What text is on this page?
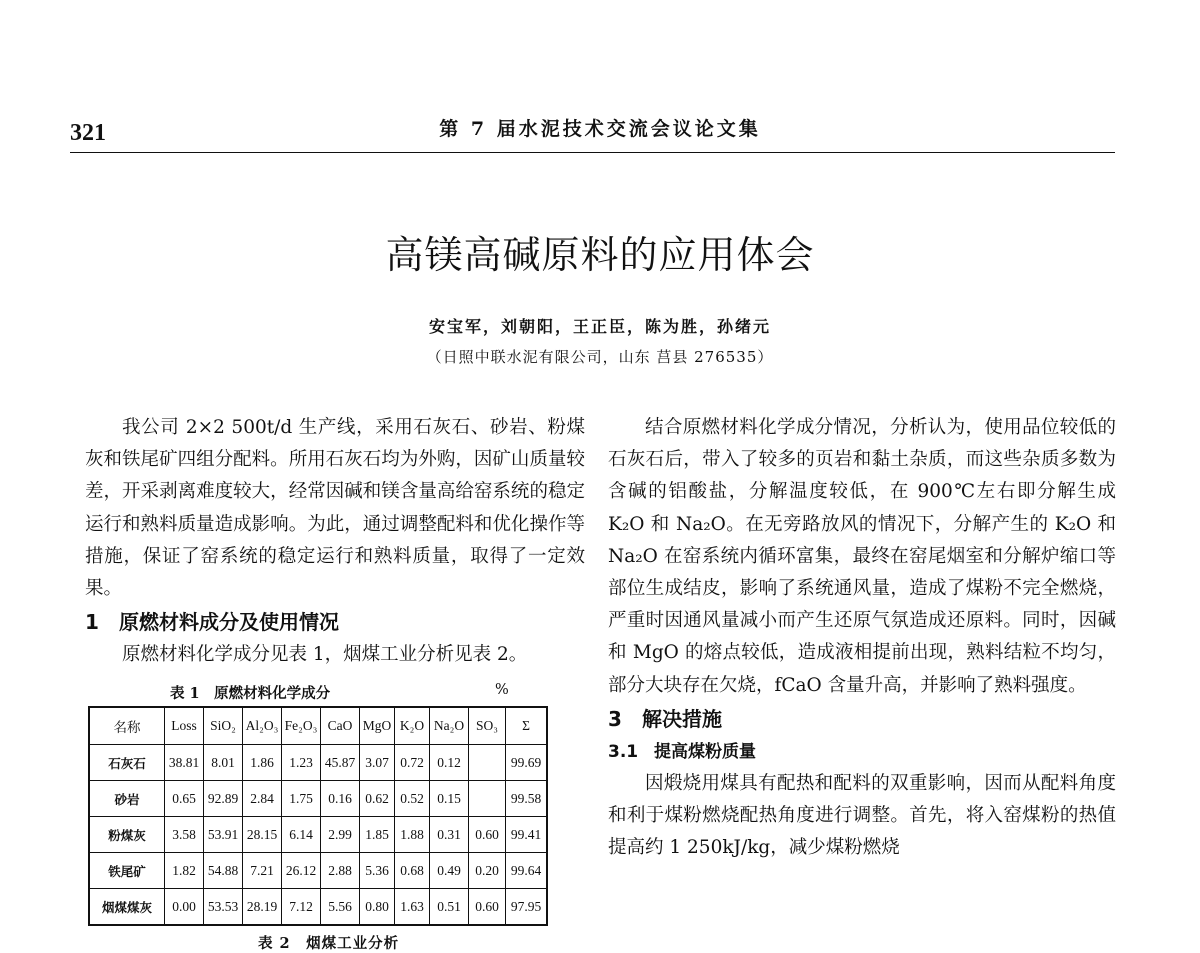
321	第 7 届水泥技术交流会议论文集
高镁高碱原料的应用体会
安宝军，刘朝阳，王正臣，陈为胜，孙绪元
（日照中联水泥有限公司，山东 莒县 276535）

我公司 2×2 500t/d 生产线，采用石灰石、砂岩、粉煤灰和铁尾矿四组分配料。所用石灰石均为外购，因矿山质量较差，开采剥离难度较大，经常因碱和镁含量高给窑系统的稳定运行和熟料质量造成影响。为此，通过调整配料和优化操作等措施，保证了窑系统的稳定运行和熟料质量，取得了一定效果。

1 原燃材料成分及使用情况

原燃材料化学成分见表 1，烟煤工业分析见表 2。

表 1　原燃材料化学成分	%
名称	Loss	SiO₂	Al₂O₃	Fe₂O₃	CaO	MgO	K₂O	Na₂O	SO₃	Σ
石灰石	38.81	8.01	1.86	1.23	45.87	3.07	0.72	0.12		99.69
砂岩	0.65	92.89	2.84	1.75	0.16	0.62	0.52	0.15		99.58
粉煤灰	3.58	53.91	28.15	6.14	2.99	1.85	1.88	0.31	0.60	99.41
铁尾矿	1.82	54.88	7.21	26.12	2.88	5.36	0.68	0.49	0.20	99.64
烟煤煤灰	0.00	53.53	28.19	7.12	5.56	0.80	1.63	0.51	0.60	97.95
表 2　烟煤工业分析

结合原燃材料化学成分情况，分析认为，使用品位较低的石灰石后，带入了较多的页岩和黏土杂质，而这些杂质多数为含碱的铝酸盐，分解温度较低，在 900℃左右即分解生成 K₂O 和 Na₂O。在无旁路放风的情况下，分解产生的 K₂O 和 Na₂O 在窑系统内循环富集，最终在窑尾烟室和分解炉缩口等部位生成结皮，影响了系统通风量，造成了煤粉不完全燃烧，严重时因通风量减小而产生还原气氛造成还原料。同时，因碱和 MgO 的熔点较低，造成液相提前出现，熟料结粒不均匀，部分大块存在欠烧，fCaO 含量升高，并影响了熟料强度。

3 解决措施

3.1 提高煤粉质量

因煅烧用煤具有配热和配料的双重影响，因而从配料角度和利于煤粉燃烧配热角度进行调整。首先，将入窑煤粉的热值提高约 1 250kJ/kg，减少煤粉燃烧
